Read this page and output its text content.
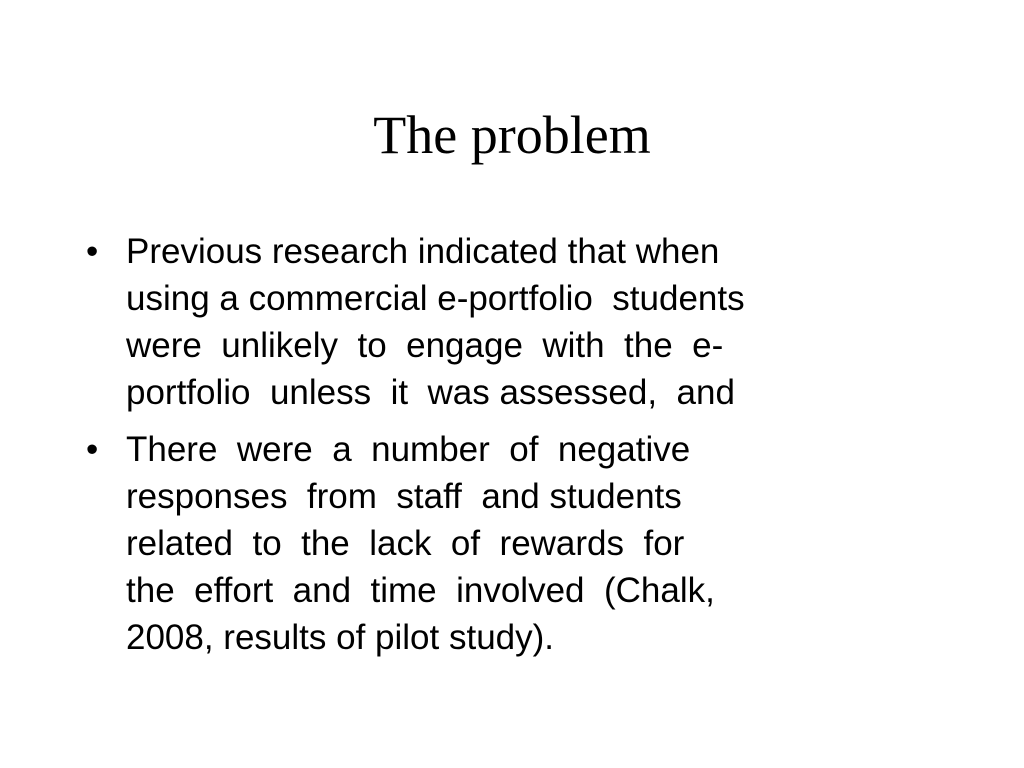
The problem
• Previous research indicated that when
using a commercial e-portfolio  students
were  unlikely  to  engage  with  the  e-
portfolio  unless  it  was assessed,  and
• There  were  a  number  of  negative
responses  from  staff  and students
related  to  the  lack  of  rewards  for
the  effort  and  time  involved  (Chalk,
2008, results of pilot study).
